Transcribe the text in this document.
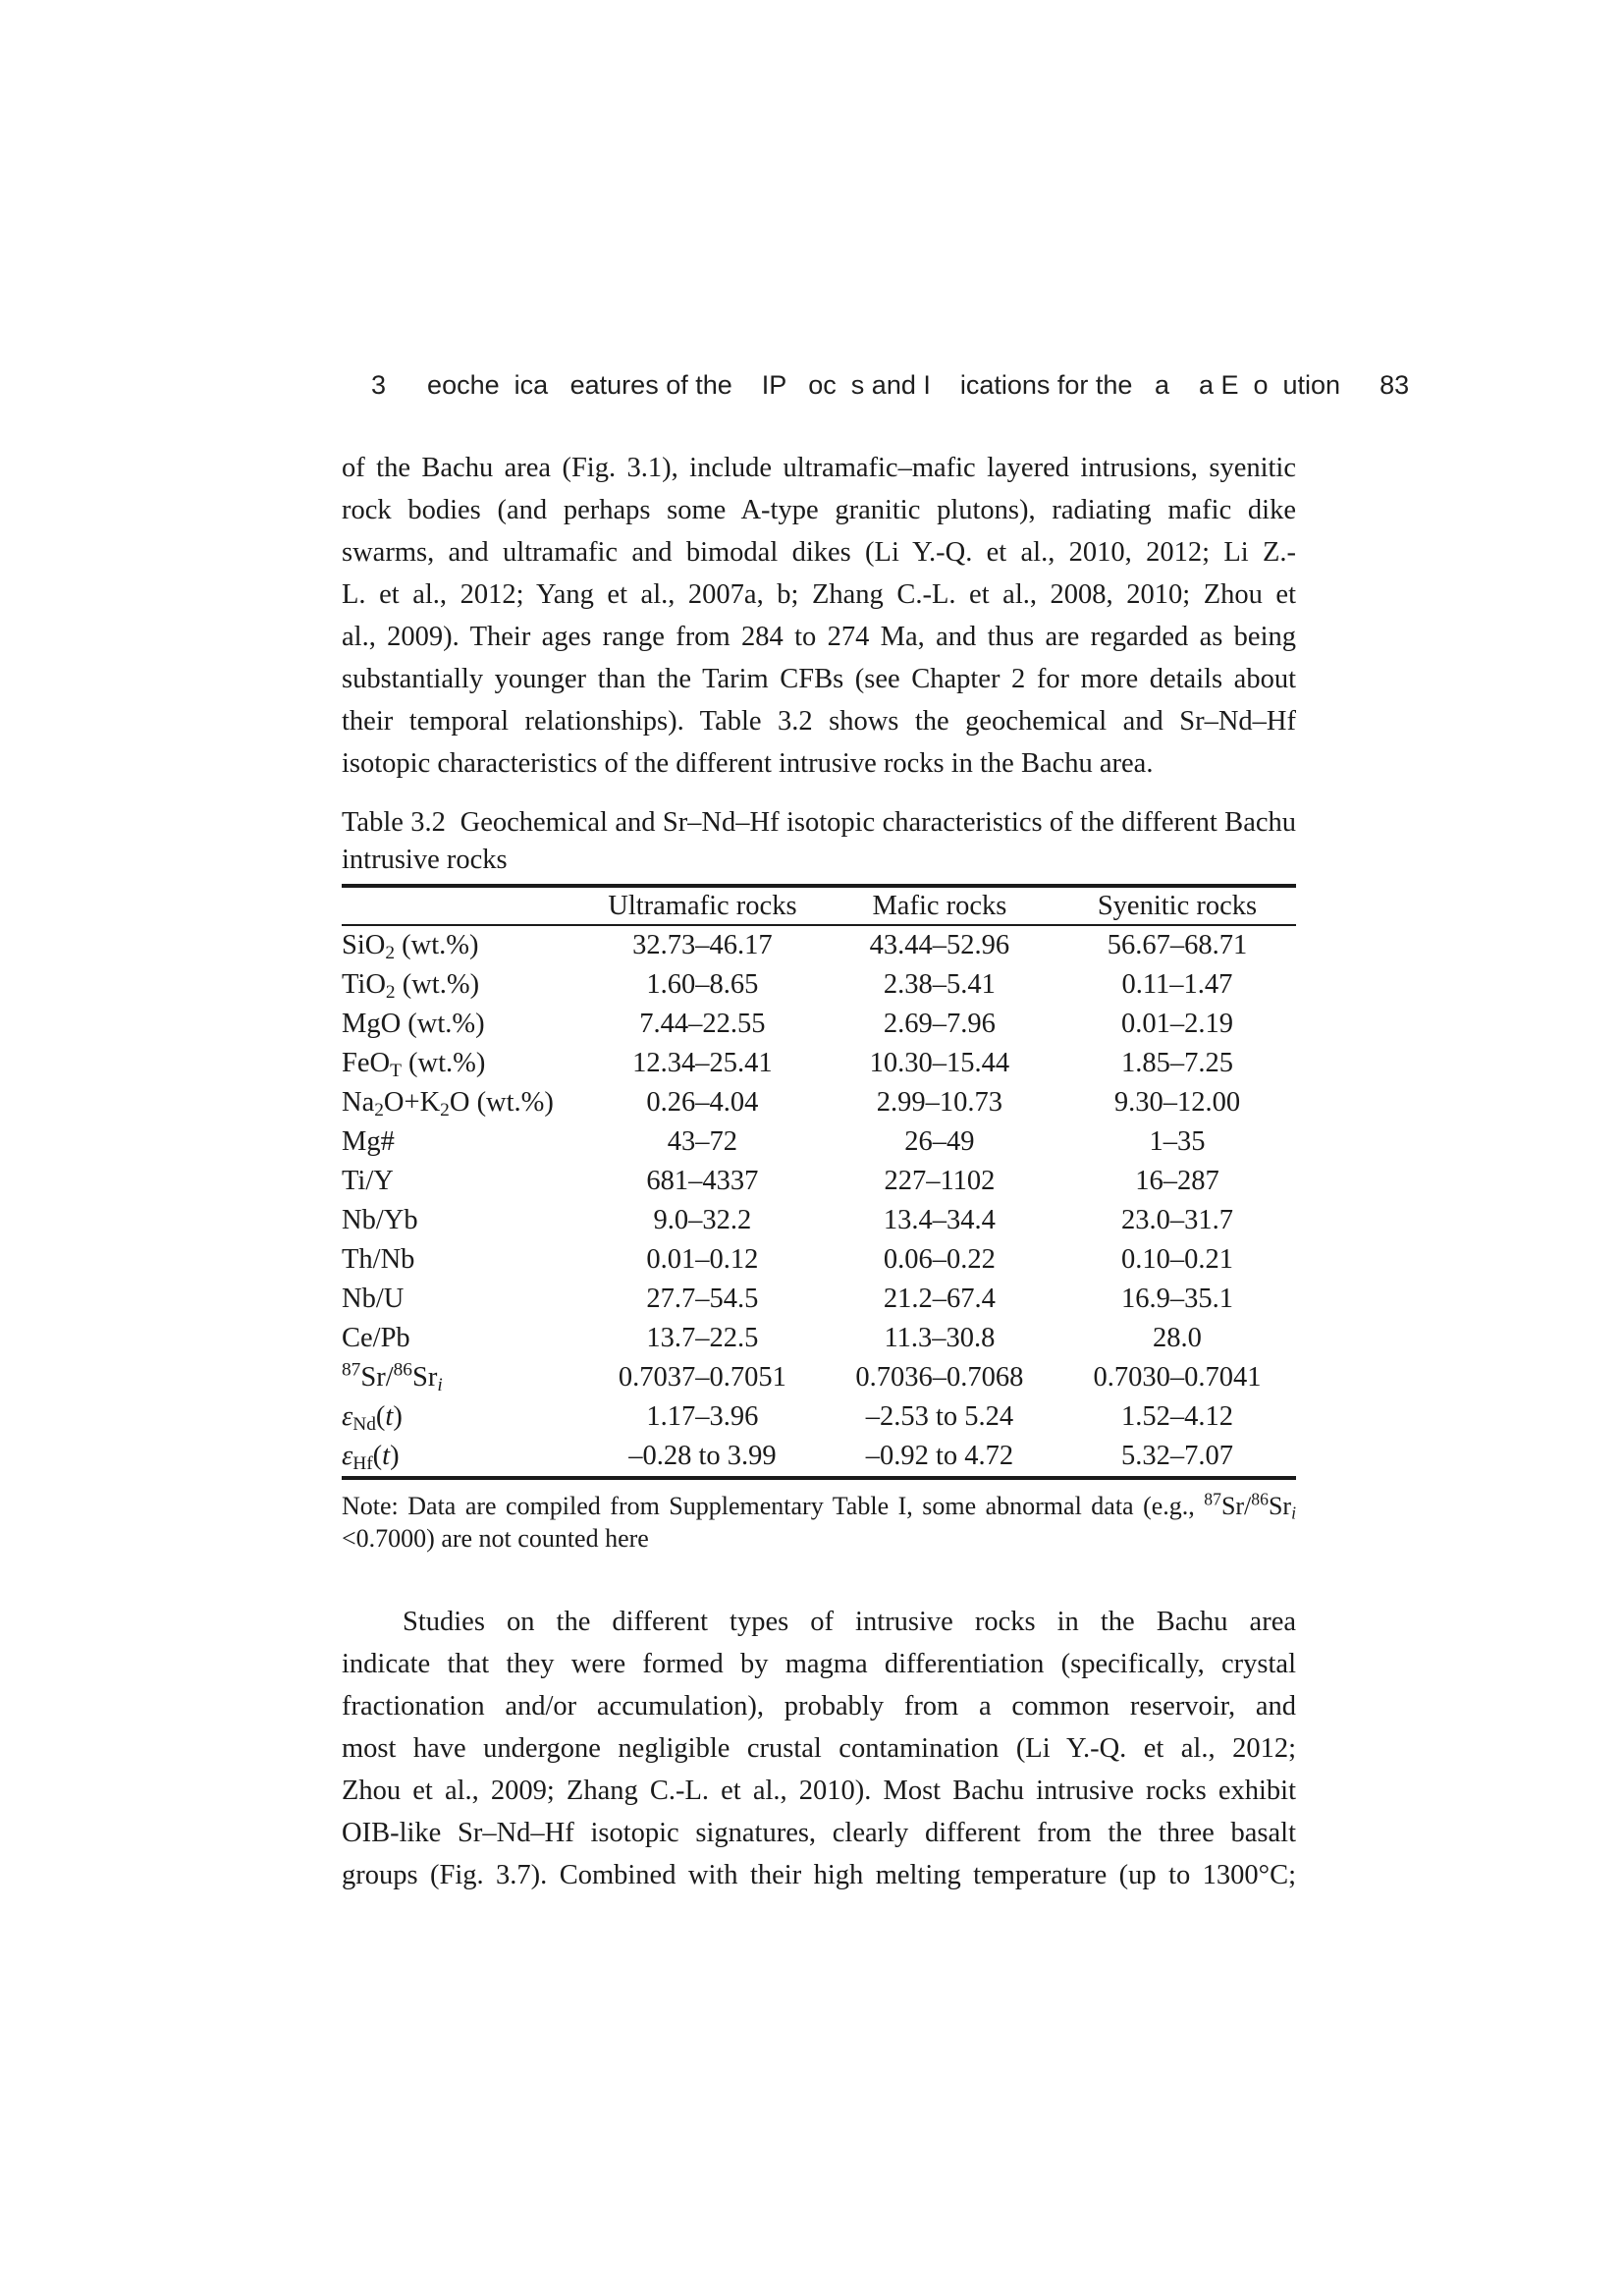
3 eoche  ica   eatures of the    IP   oc  s and I    ications for the   a    a E  o  ution 83

of the Bachu area (Fig. 3.1), include ultramafic–mafic layered intrusions, syenitic
rock bodies (and perhaps some A-type granitic plutons), radiating mafic dike
swarms, and ultramafic and bimodal dikes (Li Y.-Q. et al., 2010, 2012; Li Z.-
L. et al., 2012; Yang et al., 2007a, b; Zhang C.-L. et al., 2008, 2010; Zhou et
al., 2009). Their ages range from 284 to 274 Ma, and thus are regarded as being
substantially younger than the Tarim CFBs (see Chapter 2 for more details about
their temporal relationships). Table 3.2 shows the geochemical and Sr–Nd–Hf
isotopic characteristics of the different intrusive rocks in the Bachu area.
Table 3.2  Geochemical and Sr–Nd–Hf isotopic characteristics of the different Bachu
intrusive rocks
	Ultramafic rocks	Mafic rocks	Syenitic rocks
SiO$_2$ (wt.%)	32.73–46.17	43.44–52.96	56.67–68.71
TiO$_2$ (wt.%)	1.60–8.65	2.38–5.41	0.11–1.47
MgO (wt.%)	7.44–22.55	2.69–7.96	0.01–2.19
FeO$_T$ (wt.%)	12.34–25.41	10.30–15.44	1.85–7.25
$Na_2O+K_2O$ (wt.%)	0.26–4.04	2.99–10.73	9.30–12.00
Mg#	43–72	26–49	1–35
Ti/Y	681–4337	227–1102	16–287
Nb/Yb	9.0–32.2	13.4–34.4	23.0–31.7
Th/Nb	0.01–0.12	0.06–0.22	0.10–0.21
Nb/U	27.7–54.5	21.2–67.4	16.9–35.1
Ce/Pb	13.7–22.5	11.3–30.8	28.0
$^{87}Sr/^{86}Sr_i$	0.7037–0.7051	0.7036–0.7068	0.7030–0.7041
$\varepsilon_{Nd}(t)$	1.17–3.96	–2.53 to 5.24	1.52–4.12
$\varepsilon_{Hf}(t)$	–0.28 to 3.99	–0.92 to 4.72	5.32–7.07
Note: Data are compiled from Supplementary Table I, some abnormal data (e.g., $^{87}Sr/^{86}Sr_i$
<0.7000) are not counted here
Studies on the different types of intrusive rocks in the Bachu area
indicate that they were formed by magma differentiation (specifically, crystal
fractionation and/or accumulation), probably from a common reservoir, and
most have undergone negligible crustal contamination (Li Y.-Q. et al., 2012;
Zhou et al., 2009; Zhang C.-L. et al., 2010). Most Bachu intrusive rocks exhibit
OIB-like Sr–Nd–Hf isotopic signatures, clearly different from the three basalt
groups (Fig. 3.7). Combined with their high melting temperature (up to 1300°C;
